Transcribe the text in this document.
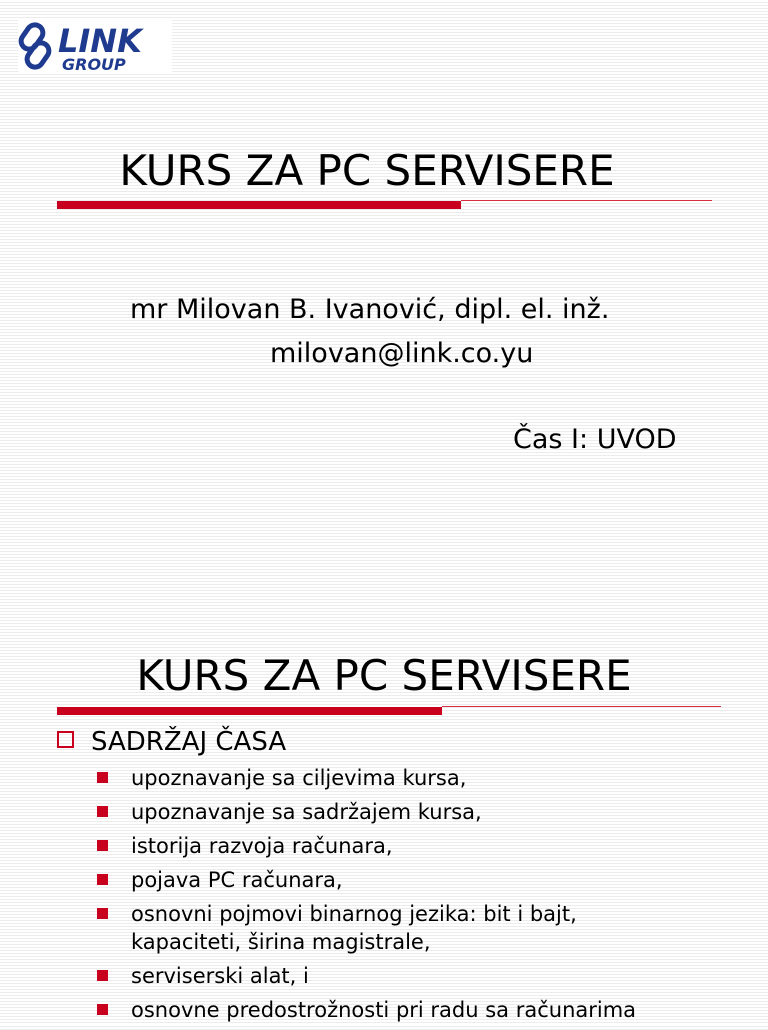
LINK
GROUP
KURS ZA PC SERVISERE
mr Milovan B. Ivanović, dipl. el. inž.
milovan@link.co.yu
Čas I: UVOD
KURS ZA PC SERVISERE
SADRŽAJ ČASA
upoznavanje sa ciljevima kursa,
upoznavanje sa sadržajem kursa,
istorija razvoja računara,
pojava PC računara,
osnovni pojmovi binarnog jezika: bit i bajt,
kapaciteti, širina magistrale,
serviserski alat, i
osnovne predostrožnosti pri radu sa računarima
